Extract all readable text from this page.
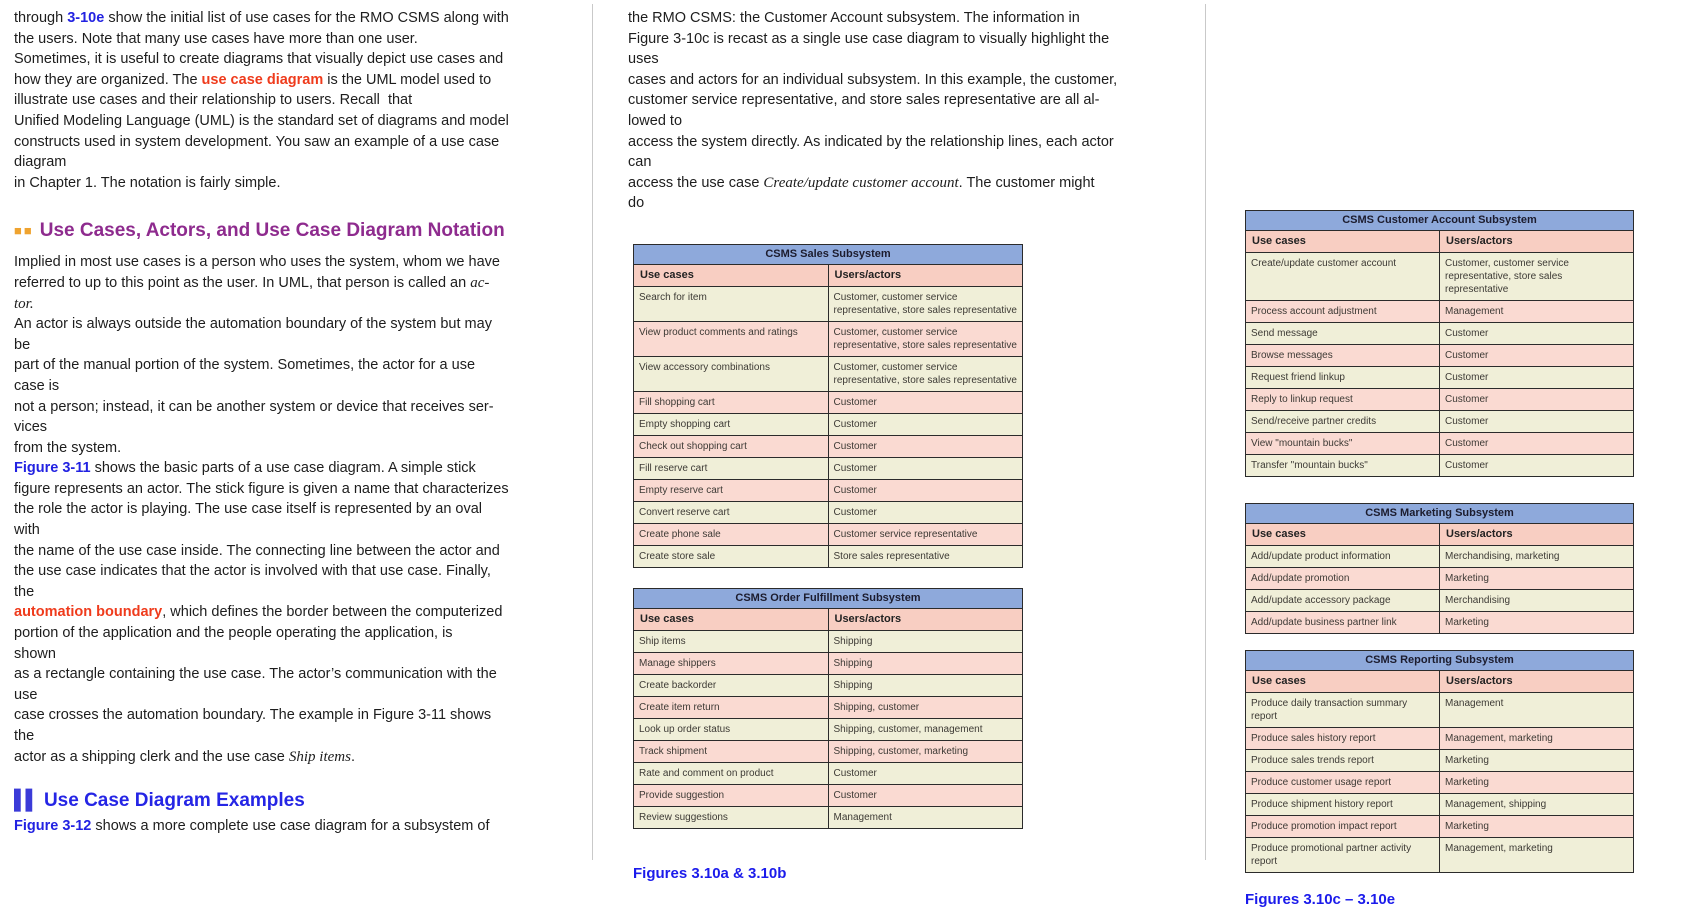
through 3-10e show the initial list of use cases for the RMO CSMS along with
the users. Note that many use cases have more than one user.
Sometimes, it is useful to create diagrams that visually depict use cases and
how they are organized. The use case diagram is the UML model used to
illustrate use cases and their relationship to users. Recall  that
Unified Modeling Language (UML) is the standard set of diagrams and model
constructs used in system development. You saw an example of a use case
diagram
in Chapter 1. The notation is fairly simple.
■■ Use Cases, Actors, and Use Case Diagram Notation
Implied in most use cases is a person who uses the system, whom we have
referred to up to this point as the user. In UML, that person is called an ac-
tor.
An actor is always outside the automation boundary of the system but may
be
part of the manual portion of the system. Sometimes, the actor for a use
case is
not a person; instead, it can be another system or device that receives ser-
vices
from the system.
Figure 3-11 shows the basic parts of a use case diagram. A simple stick
figure represents an actor. The stick figure is given a name that characterizes
the role the actor is playing. The use case itself is represented by an oval
with
the name of the use case inside. The connecting line between the actor and
the use case indicates that the actor is involved with that use case. Finally,
the
automation boundary, which defines the border between the computerized
portion of the application and the people operating the application, is
shown
as a rectangle containing the use case. The actor’s communication with the
use
case crosses the automation boundary. The example in Figure 3-11 shows
the
actor as a shipping clerk and the use case Ship items.
▌▌ Use Case Diagram Examples
Figure 3-12 shows a more complete use case diagram for a subsystem of
the RMO CSMS: the Customer Account subsystem. The information in
Figure 3-10c is recast as a single use case diagram to visually highlight the
uses
cases and actors for an individual subsystem. In this example, the customer,
customer service representative, and store sales representative are all al-
lowed to
access the system directly. As indicated by the relationship lines, each actor
can
access the use case Create/update customer account. The customer might
do
CSMS Sales Subsystem	
Use cases	Users/actors
Search for item	Customer, customer service representative, store sales representative
View product comments and ratings	Customer, customer service representative, store sales representative
View accessory combinations	Customer, customer service representative, store sales representative
Fill shopping cart	Customer
Empty shopping cart	Customer
Check out shopping cart	Customer
Fill reserve cart	Customer
Empty reserve cart	Customer
Convert reserve cart	Customer
Create phone sale	Customer service representative
Create store sale	Store sales representative
CSMS Order Fulfillment Subsystem	
Use cases	Users/actors
Ship items	Shipping
Manage shippers	Shipping
Create backorder	Shipping
Create item return	Shipping, customer
Look up order status	Shipping, customer, management
Track shipment	Shipping, customer, marketing
Rate and comment on product	Customer
Provide suggestion	Customer
Review suggestions	Management
Figures 3.10a & 3.10b
CSMS Customer Account Subsystem	
Use cases	Users/actors
Create/update customer account	Customer, customer service representative, store sales representative
Process account adjustment	Management
Send message	Customer
Browse messages	Customer
Request friend linkup	Customer
Reply to linkup request	Customer
Send/receive partner credits	Customer
View "mountain bucks"	Customer
Transfer "mountain bucks"	Customer
CSMS Marketing Subsystem	
Use cases	Users/actors
Add/update product information	Merchandising, marketing
Add/update promotion	Marketing
Add/update accessory package	Merchandising
Add/update business partner link	Marketing
CSMS Reporting Subsystem	
Use cases	Users/actors
Produce daily transaction summary report	Management
Produce sales history report	Management, marketing
Produce sales trends report	Marketing
Produce customer usage report	Marketing
Produce shipment history report	Management, shipping
Produce promotion impact report	Marketing
Produce promotional partner activity report	Management, marketing
Figures 3.10c – 3.10e
